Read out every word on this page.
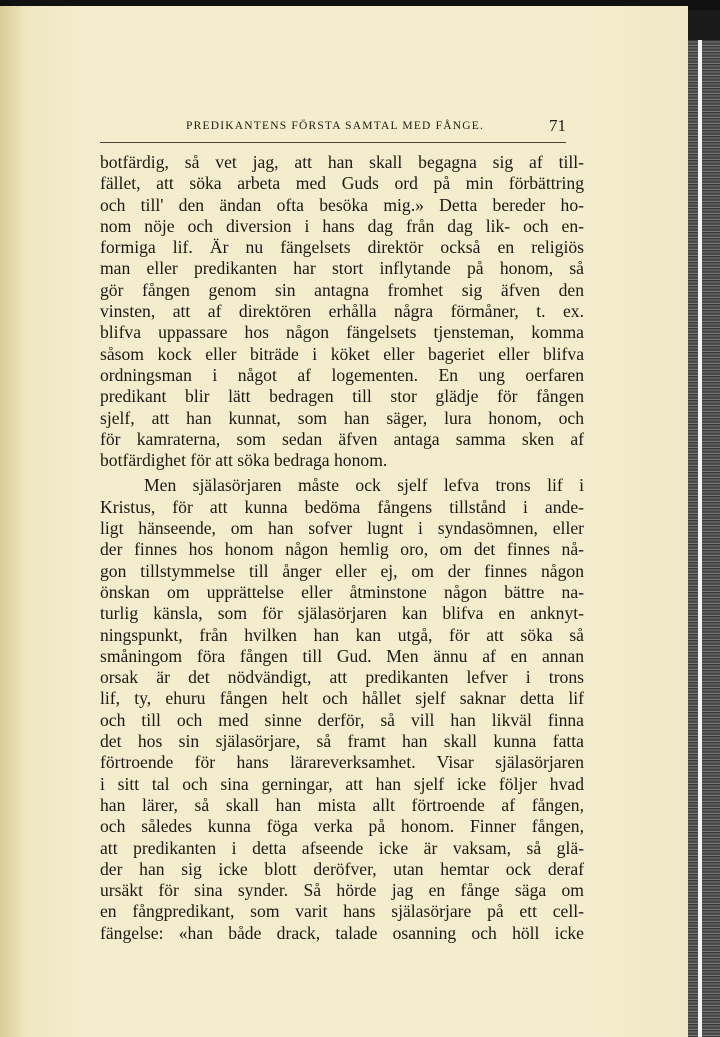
PREDIKANTENS FÖRSTA SAMTAL MED FÅNGE.	71
botfärdig, så vet jag, att han skall begagna sig af till-
fället, att söka arbeta med Guds ord på min förbättring
och till' den ändan ofta besöka mig.» Detta bereder ho-
nom nöje och diversion i hans dag från dag lik- och en-
formiga lif. Är nu fängelsets direktör också en religiös
man eller predikanten har stort inflytande på honom, så
gör fången genom sin antagna fromhet sig äfven den
vinsten, att af direktören erhålla några förmåner, t. ex.
blifva uppassare hos någon fängelsets tjensteman, komma
såsom kock eller biträde i köket eller bageriet eller blifva
ordningsman i något af logementen. En ung oerfaren
predikant blir lätt bedragen till stor glädje för fången
sjelf, att han kunnat, som han säger, lura honom, och
för kamraterna, som sedan äfven antaga samma sken af
botfärdighet för att söka bedraga honom.
Men själasörjaren måste ock sjelf lefva trons lif i
Kristus, för att kunna bedöma fångens tillstånd i ande-
ligt hänseende, om han sofver lugnt i syndasömnen, eller
der finnes hos honom någon hemlig oro, om det finnes nå-
gon tillstymmelse till ånger eller ej, om der finnes någon
önskan om upprättelse eller åtminstone någon bättre na-
turlig känsla, som för själasörjaren kan blifva en anknyt-
ningspunkt, från hvilken han kan utgå, för att söka så
småningom föra fången till Gud. Men ännu af en annan
orsak är det nödvändigt, att predikanten lefver i trons
lif, ty, ehuru fången helt och hållet sjelf saknar detta lif
och till och med sinne derför, så vill han likväl finna
det hos sin själasörjare, så framt han skall kunna fatta
förtroende för hans lärareverksamhet. Visar själasörjaren
i sitt tal och sina gerningar, att han sjelf icke följer hvad
han lärer, så skall han mista allt förtroende af fången,
och således kunna föga verka på honom. Finner fången,
att predikanten i detta afseende icke är vaksam, så glä-
der han sig icke blott deröfver, utan hemtar ock deraf
ursäkt för sina synder. Så hörde jag en fånge säga om
en fångpredikant, som varit hans själasörjare på ett cell-
fängelse: «han både drack, talade osanning och höll icke
